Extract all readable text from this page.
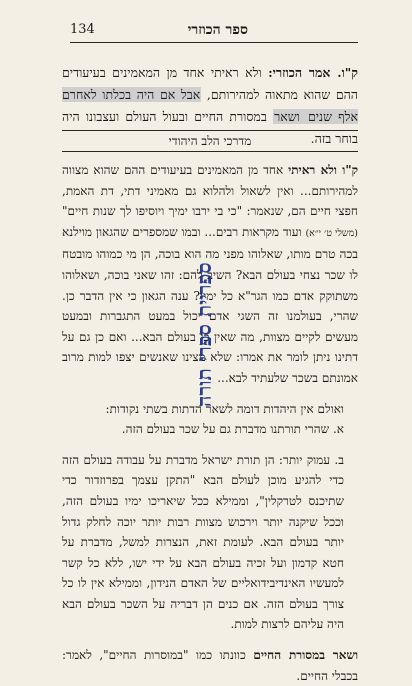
ספר הכוזרי
134
ק"ו. אמר הכוזרי: ולא ראיתי אחד מן המאמינים בעיעודים ההם שהוא מתאוה למהירותם, אבל אם היה בכלתו לאחרם אלף שנים ושאר במסורת החיים ובעול העולם ועצבונו היה בוחר בזה.
מדרכי הלב היהודי

ק"ו ולא ראיתי אחד מן המאמינים בעיעודים ההם שהוא מצווה למהירותם... ואין לשאול ולהלוא גם מאמיני דתי, דת האמת, חפצי חיים הם, שנאמר: "כי בי ירבו ימיך ויוסיפו לך שנות חיים" (משלי ט׳ י״א) ועוד מקראות רבים... ובמו שמספרים שהגאון מוילנא בכה טרם מותו, שאלוהו מפני מה הוא בוכה, הן מי כמוהו מובטח לו שכר נצחי בעולם הבא? השיב להם: זהו שאני בוכה, ושאלוהו משתוקק אדם כמו הגר"א כל ימיו? ענה הגאון כי אין הדבר כן. שהרי, בעולמנו זה השגי אדם יכול במעט התגברות ובמעט מעשים לקיים מצוות, מה שאין כן בעולם הבא... ואם כן גם על דתינו ניתן לומר את אמרו: שלא מצינו שאנשים יצפו למות מרוב אמונתם בשכר שלעתיד לבא...

ואולם אין היהדות דומה לשאר הדתות בשתי נקודות:

א. שהרי תורתנו מדברת גם על שכר בעולם הזה.

ב. עמוק יותר: הן תורת ישראל מדברת על עבודה בעולם הזה כדי להגיע מוכן לעולם הבא "התקן עצמך בפרוזדור כדי שתיכנס לטרקלין", וממילא ככל שיאריכו ימיו בעולם הזה, וככל שיקנה יותר וירכוש מצוות רבות יותר יוכה לחלק גדול יותר בעולם הבא. לעומת זאת, הנצרות למשל, מדברת על חטא קדמון ועל זכיה בעולם הבא על ידי ישו, ללא כל קשר למעשיו האינדיבידואליים של האדם הנידון, וממילא אין לו כל צורך בעולם הזה. אם כנים הן דבריה על השכר בעולם הבא היה עליהם לרצות למות.

ושאר במסורת החיים כוונתו כמו "במוסרות החיים", לאמר: בכבלי החיים.

ספריית ספרי תורה
